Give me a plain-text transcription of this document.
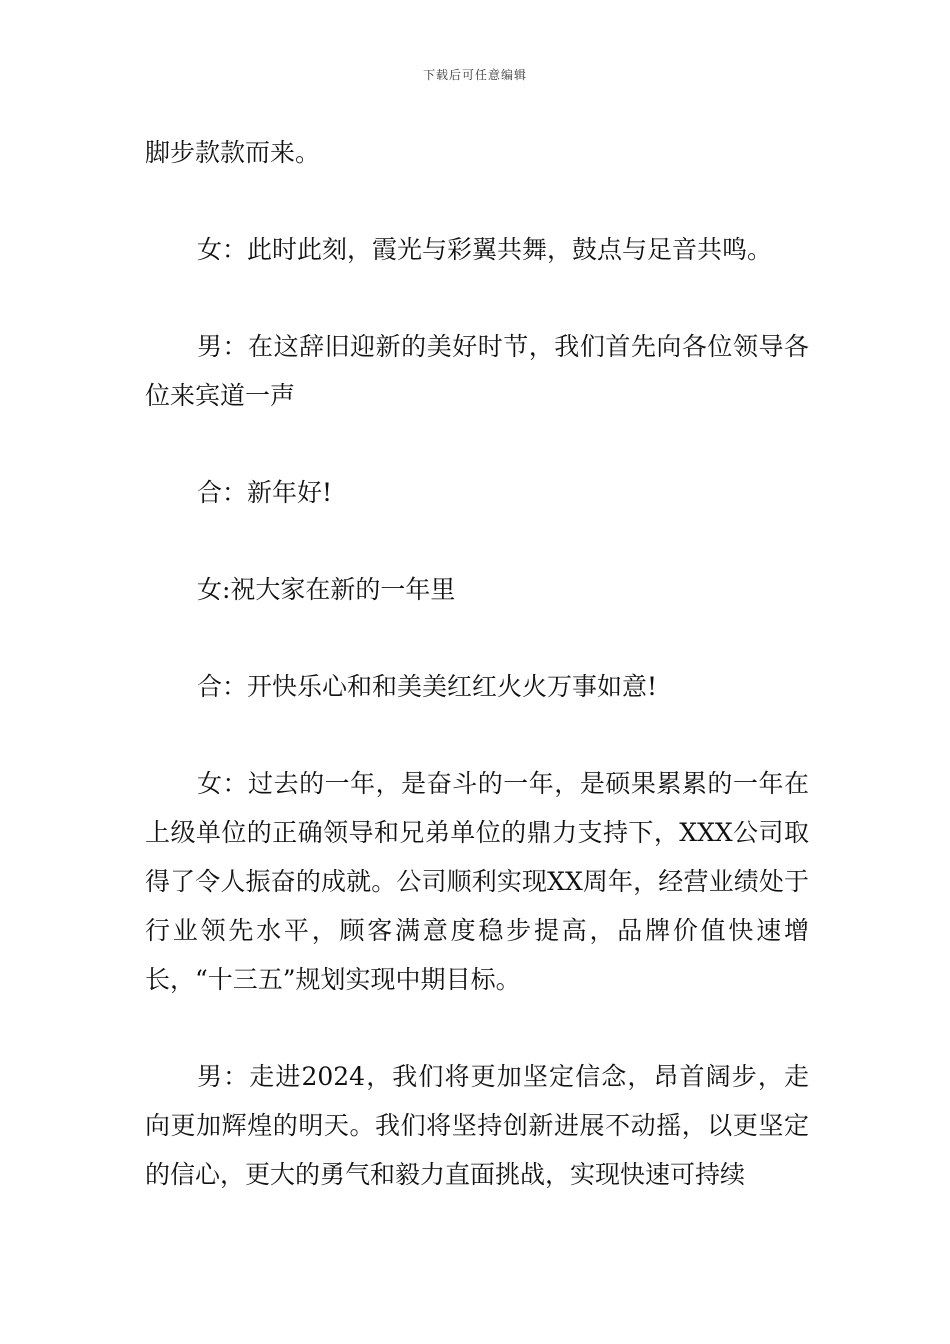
下载后可任意编辑

脚步款款而来。

女：此时此刻，霞光与彩翼共舞，鼓点与足音共鸣。

男：在这辞旧迎新的美好时节，我们首先向各位领导各位来宾道一声

合：新年好!

女:祝大家在新的一年里

合：开快乐心和和美美红红火火万事如意!

女：过去的一年，是奋斗的一年，是硕果累累的一年在上级单位的正确领导和兄弟单位的鼎力支持下，XXX公司取得了令人振奋的成就。公司顺利实现XX周年，经营业绩处于行业领先水平，顾客满意度稳步提高，品牌价值快速增长，“十三五”规划实现中期目标。

男：走进2024，我们将更加坚定信念，昂首阔步，走向更加辉煌的明天。我们将坚持创新进展不动摇，以更坚定的信心，更大的勇气和毅力直面挑战，实现快速可持续
